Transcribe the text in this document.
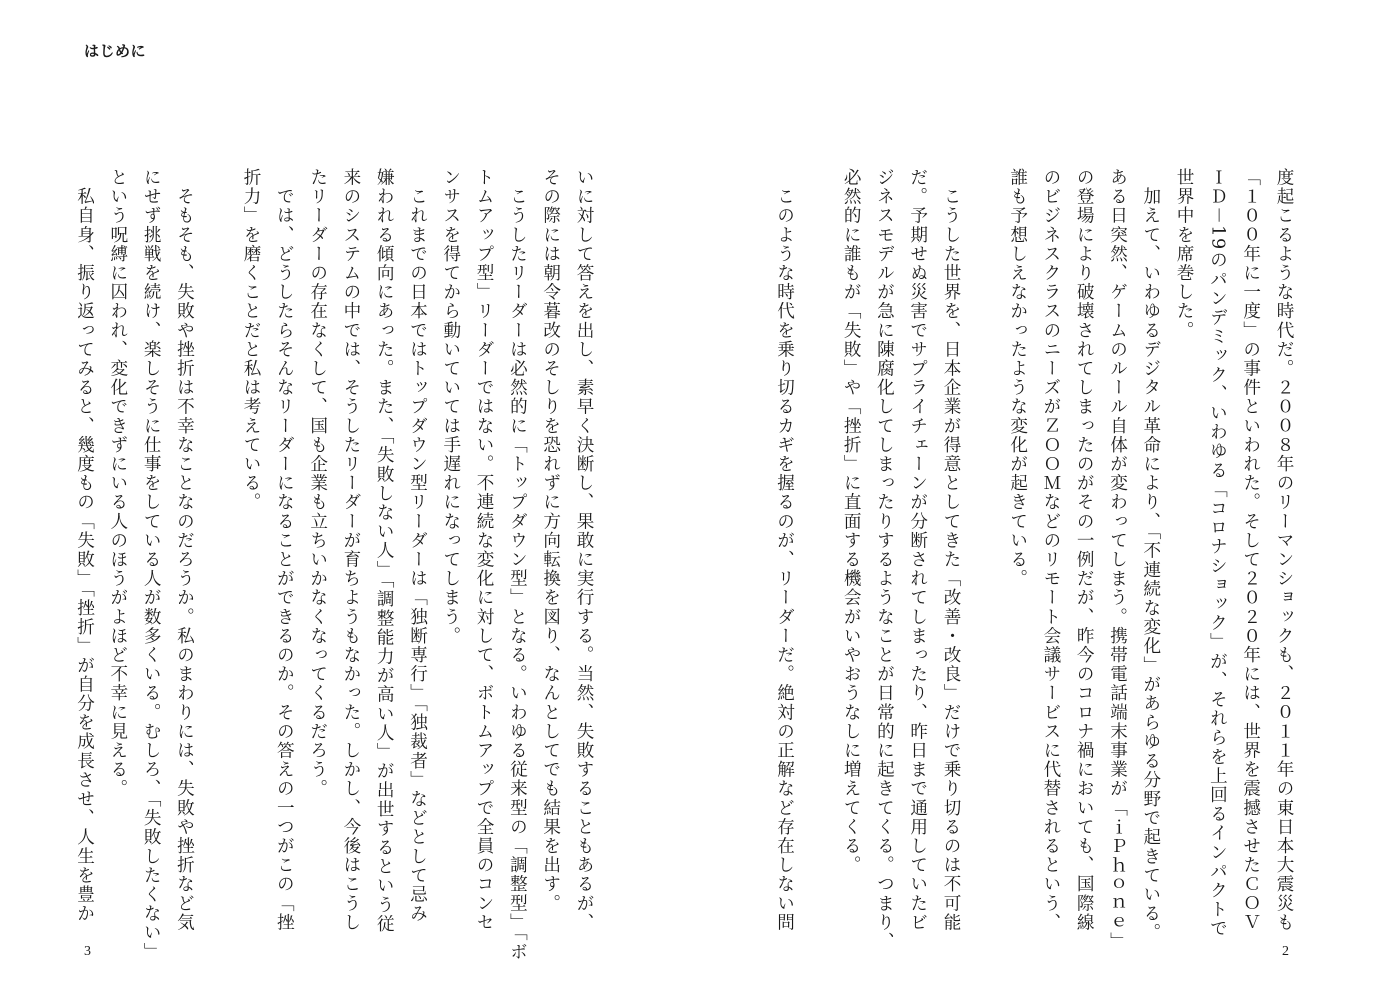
はじめに

度起こるような時代だ。２００８年のリーマンショックも、２０１１年の東日本大震災も

「１００年に一度」の事件といわれた。そして２０２０年には、世界を震撼させたＣＯＶ

ＩＤ－19のパンデミック、いわゆる「コロナショック」が、それらを上回るインパクトで

世界中を席巻した。

　加えて、いわゆるデジタル革命により、「不連続な変化」があらゆる分野で起きている。

ある日突然、ゲームのルール自体が変わってしまう。携帯電話端末事業が「ｉＰｈｏｎｅ」

の登場により破壊されてしまったのがその一例だが、昨今のコロナ禍においても、国際線

のビジネスクラスのニーズがＺＯＯＭなどのリモート会議サービスに代替されるという、

誰も予想しえなかったような変化が起きている。

　こうした世界を、日本企業が得意としてきた「改善・改良」だけで乗り切るのは不可能

だ。予期せぬ災害でサプライチェーンが分断されてしまったり、昨日まで通用していたビ

ジネスモデルが急に陳腐化してしまったりするようなことが日常的に起きてくる。つまり、

必然的に誰もが「失敗」や「挫折」に直面する機会がいやおうなしに増えてくる。

　このような時代を乗り切るカギを握るのが、リーダーだ。絶対の正解など存在しない問

いに対して答えを出し、素早く決断し、果敢に実行する。当然、失敗することもあるが、

その際には朝令暮改のそしりを恐れずに方向転換を図り、なんとしてでも結果を出す。

　こうしたリーダーは必然的に「トップダウン型」となる。いわゆる従来型の「調整型」「ボ

トムアップ型」リーダーではない。不連続な変化に対して、ボトムアップで全員のコンセ

ンサスを得てから動いていては手遅れになってしまう。

　これまでの日本ではトップダウン型リーダーは「独断専行」「独裁者」などとして忌み

嫌われる傾向にあった。また、「失敗しない人」「調整能力が高い人」が出世するという従

来のシステムの中では、そうしたリーダーが育ちようもなかった。しかし、今後はこうし

たリーダーの存在なくして、国も企業も立ちいかなくなってくるだろう。

　では、どうしたらそんなリーダーになることができるのか。その答えの一つがこの「挫

折力」を磨くことだと私は考えている。

　そもそも、失敗や挫折は不幸なことなのだろうか。私のまわりには、失敗や挫折など気

にせず挑戦を続け、楽しそうに仕事をしている人が数多くいる。むしろ、「失敗したくない」

という呪縛に囚われ、変化できずにいる人のほうがよほど不幸に見える。

　私自身、振り返ってみると、幾度もの「失敗」「挫折」が自分を成長させ、人生を豊か

3	2
